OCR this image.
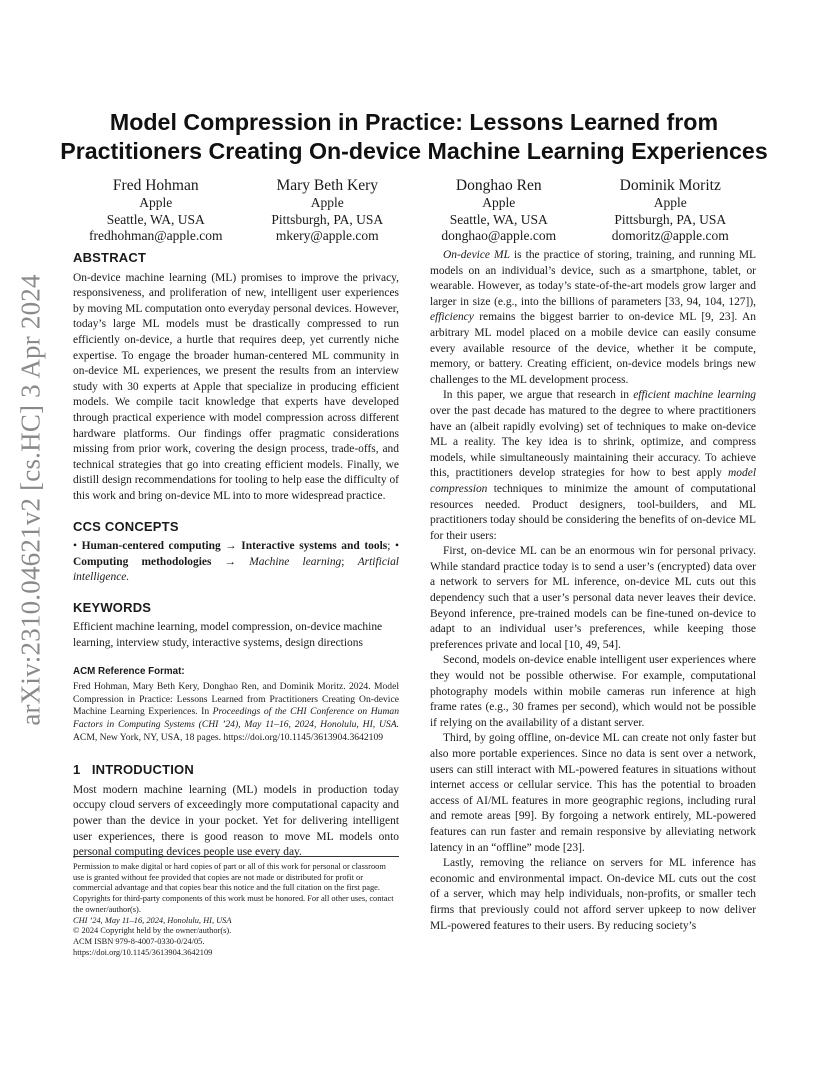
arXiv:2310.04621v2 [cs.HC] 3 Apr 2024
Model Compression in Practice: Lessons Learned from Practitioners Creating On-device Machine Learning Experiences
Fred Hohman
Apple
Seattle, WA, USA
fredhohman@apple.com
Mary Beth Kery
Apple
Pittsburgh, PA, USA
mkery@apple.com
Donghao Ren
Apple
Seattle, WA, USA
donghao@apple.com
Dominik Moritz
Apple
Pittsburgh, PA, USA
domoritz@apple.com
ABSTRACT

On-device machine learning (ML) promises to improve the privacy, responsiveness, and proliferation of new, intelligent user experiences by moving ML computation onto everyday personal devices. However, today’s large ML models must be drastically compressed to run efficiently on-device, a hurtle that requires deep, yet currently niche expertise. To engage the broader human-centered ML community in on-device ML experiences, we present the results from an interview study with 30 experts at Apple that specialize in producing efficient models. We compile tacit knowledge that experts have developed through practical experience with model compression across different hardware platforms. Our findings offer pragmatic considerations missing from prior work, covering the design process, trade-offs, and technical strategies that go into creating efficient models. Finally, we distill design recommendations for tooling to help ease the difficulty of this work and bring on-device ML into to more widespread practice.

CCS CONCEPTS

• Human-centered computing → Interactive systems and tools; • Computing methodologies → Machine learning; Artificial intelligence.

KEYWORDS

Efficient machine learning, model compression, on-device machine learning, interview study, interactive systems, design directions

ACM Reference Format:

Fred Hohman, Mary Beth Kery, Donghao Ren, and Dominik Moritz. 2024. Model Compression in Practice: Lessons Learned from Practitioners Creating On-device Machine Learning Experiences. In Proceedings of the CHI Conference on Human Factors in Computing Systems (CHI ’24), May 11–16, 2024, Honolulu, HI, USA. ACM, New York, NY, USA, 18 pages. https://doi.org/10.1145/3613904.3642109

1   INTRODUCTION

Most modern machine learning (ML) models in production today occupy cloud servers of exceedingly more computational capacity and power than the device in your pocket. Yet for delivering intelligent user experiences, there is good reason to move ML models onto personal computing devices people use every day.

On-device ML is the practice of storing, training, and running ML models on an individual’s device, such as a smartphone, tablet, or wearable. However, as today’s state-of-the-art models grow larger and larger in size (e.g., into the billions of parameters [33, 94, 104, 127]), efficiency remains the biggest barrier to on-device ML [9, 23]. An arbitrary ML model placed on a mobile device can easily consume every available resource of the device, whether it be compute, memory, or battery. Creating efficient, on-device models brings new challenges to the ML development process.

In this paper, we argue that research in efficient machine learning over the past decade has matured to the degree to where practitioners have an (albeit rapidly evolving) set of techniques to make on-device ML a reality. The key idea is to shrink, optimize, and compress models, while simultaneously maintaining their accuracy. To achieve this, practitioners develop strategies for how to best apply model compression techniques to minimize the amount of computational resources needed. Product designers, tool-builders, and ML practitioners today should be considering the benefits of on-device ML for their users:

First, on-device ML can be an enormous win for personal privacy. While standard practice today is to send a user’s (encrypted) data over a network to servers for ML inference, on-device ML cuts out this dependency such that a user’s personal data never leaves their device. Beyond inference, pre-trained models can be fine-tuned on-device to adapt to an individual user’s preferences, while keeping those preferences private and local [10, 49, 54].

Second, models on-device enable intelligent user experiences where they would not be possible otherwise. For example, computational photography models within mobile cameras run inference at high frame rates (e.g., 30 frames per second), which would not be possible if relying on the availability of a distant server.

Third, by going offline, on-device ML can create not only faster but also more portable experiences. Since no data is sent over a network, users can still interact with ML-powered features in situations without internet access or cellular service. This has the potential to broaden access of AI/ML features in more geographic regions, including rural and remote areas [99]. By forgoing a network entirely, ML-powered features can run faster and remain responsive by alleviating network latency in an “offline” mode [23].

Lastly, removing the reliance on servers for ML inference has economic and environmental impact. On-device ML cuts out the cost of a server, which may help individuals, non-profits, or smaller tech firms that previously could not afford server upkeep to now deliver ML-powered features to their users. By reducing society’s

Permission to make digital or hard copies of part or all of this work for personal or classroom use is granted without fee provided that copies are not made or distributed for profit or commercial advantage and that copies bear this notice and the full citation on the first page. Copyrights for third-party components of this work must be honored. For all other uses, contact the owner/author(s).

CHI ’24, May 11–16, 2024, Honolulu, HI, USA

© 2024 Copyright held by the owner/author(s).

ACM ISBN 979-8-4007-0330-0/24/05.

https://doi.org/10.1145/3613904.3642109
